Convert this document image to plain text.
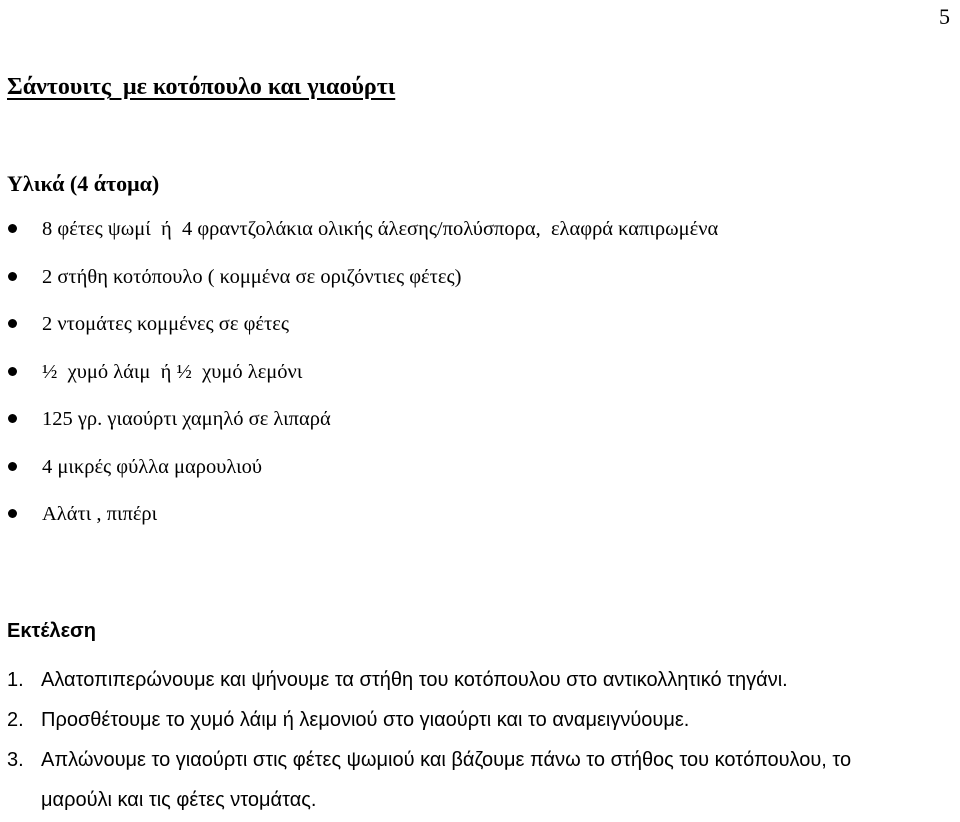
5
Σάντουιτς  με κοτόπουλο και γιαούρτι
Υλικά (4 άτομα)
8 φέτες ψωμί  ή  4 φραντζολάκια ολικής άλεσης/πολύσπορα,  ελαφρά καπιρωμένα
2 στήθη κοτόπουλο ( κομμένα σε οριζόντιες φέτες)
2 ντομάτες κομμένες σε φέτες
½  χυμό λάιμ  ή ½  χυμό λεμόνι
125 γρ. γιαούρτι χαμηλό σε λιπαρά
4 μικρές φύλλα μαρουλιού
Αλάτι , πιπέρι
Εκτέλεση
1. Αλατοπιπερώνουμε και ψήνουμε τα στήθη του κοτόπουλου στο αντικολλητικό τηγάνι.
2. Προσθέτουμε το χυμό λάιμ ή λεμονιού στο γιαούρτι και το αναμειγνύουμε.
3. Απλώνουμε το γιαούρτι στις φέτες ψωμιού και βάζουμε πάνω το στήθος του κοτόπουλου, το μαρούλι και τις φέτες ντομάτας.
